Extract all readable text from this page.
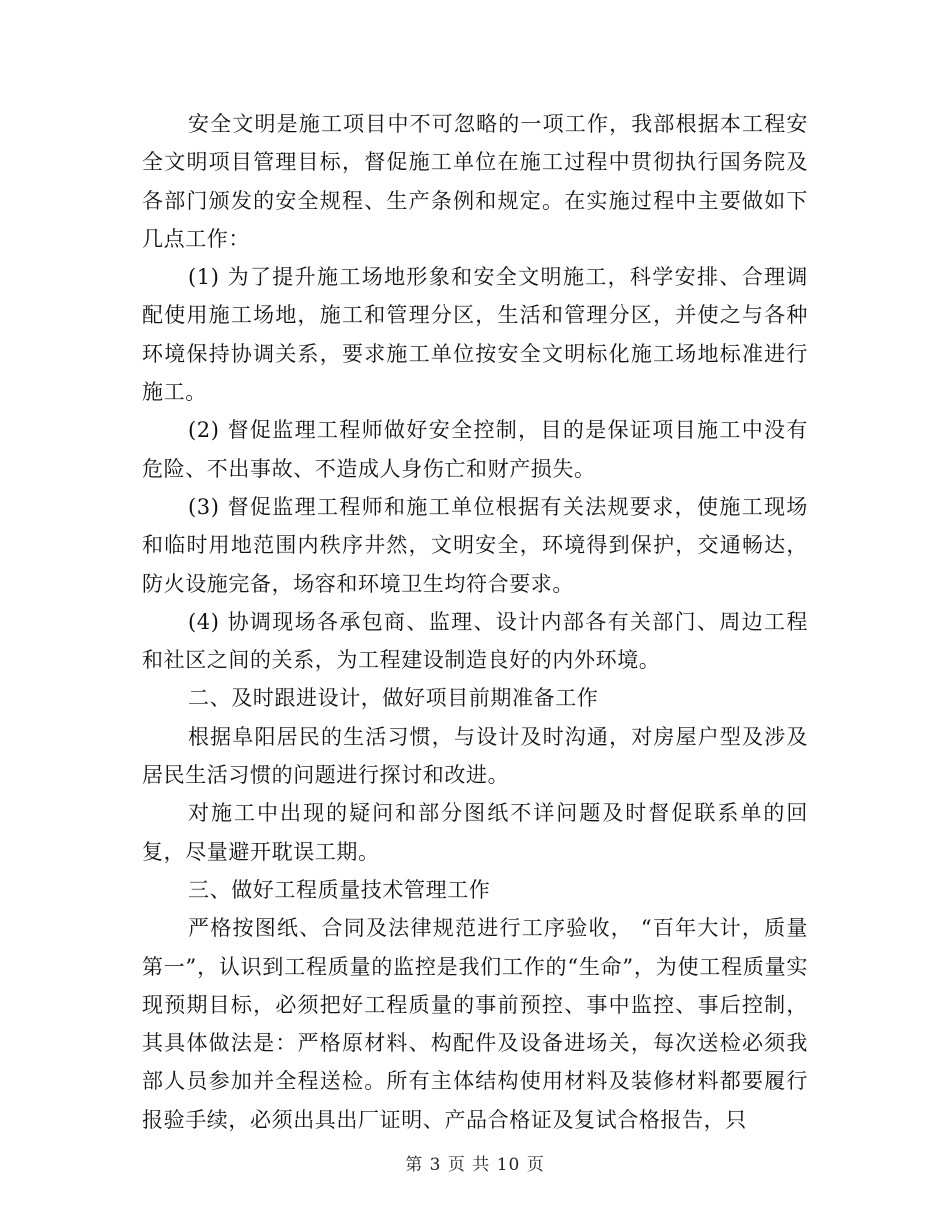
安全文明是施工项目中不可忽略的一项工作，我部根据本工程安全文明项目管理目标，督促施工单位在施工过程中贯彻执行国务院及各部门颁发的安全规程、生产条例和规定。在实施过程中主要做如下几点工作：

(1) 为了提升施工场地形象和安全文明施工，科学安排、合理调配使用施工场地，施工和管理分区，生活和管理分区，并使之与各种环境保持协调关系，要求施工单位按安全文明标化施工场地标准进行施工。

(2) 督促监理工程师做好安全控制，目的是保证项目施工中没有危险、不出事故、不造成人身伤亡和财产损失。

(3) 督促监理工程师和施工单位根据有关法规要求，使施工现场和临时用地范围内秩序井然，文明安全，环境得到保护，交通畅达，防火设施完备，场容和环境卫生均符合要求。

(4) 协调现场各承包商、监理、设计内部各有关部门、周边工程和社区之间的关系，为工程建设制造良好的内外环境。

二、及时跟进设计，做好项目前期准备工作

根据阜阳居民的生活习惯，与设计及时沟通，对房屋户型及涉及居民生活习惯的问题进行探讨和改进。

对施工中出现的疑问和部分图纸不详问题及时督促联系单的回复，尽量避开耽误工期。

三、做好工程质量技术管理工作

严格按图纸、合同及法律规范进行工序验收， “百年大计，质量第一”，认识到工程质量的监控是我们工作的“生命”，为使工程质量实现预期目标，必须把好工程质量的事前预控、事中监控、事后控制，其具体做法是：严格原材料、构配件及设备进场关，每次送检必须我部人员参加并全程送检。所有主体结构使用材料及装修材料都要履行报验手续，必须出具出厂证明、产品合格证及复试合格报告，只

第 3 页 共 10 页
